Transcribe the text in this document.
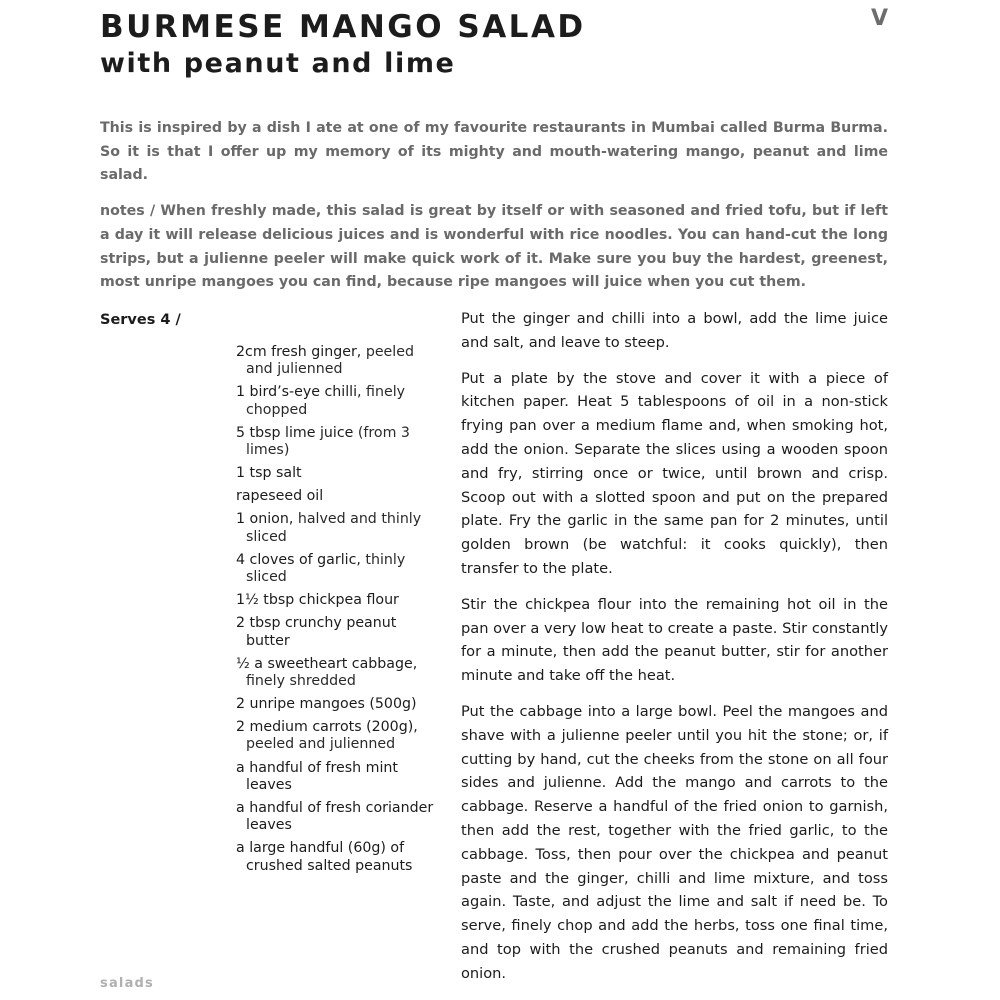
BURMESE MANGO SALAD
with peanut and lime
V

This is inspired by a dish I ate at one of my favourite restaurants in Mumbai called Burma Burma. So it is that I offer up my memory of its mighty and mouth-watering mango, peanut and lime salad.

notes / When freshly made, this salad is great by itself or with seasoned and fried tofu, but if left a day it will release delicious juices and is wonderful with rice noodles. You can hand-cut the long strips, but a julienne peeler will make quick work of it. Make sure you buy the hardest, greenest, most unripe mangoes you can find, because ripe mangoes will juice when you cut them.

Serves 4 /
2cm fresh ginger, peeled and julienned
1 bird’s-eye chilli, finely chopped
5 tbsp lime juice (from 3 limes)
1 tsp salt
rapeseed oil
1 onion, halved and thinly sliced
4 cloves of garlic, thinly sliced
1½ tbsp chickpea flour
2 tbsp crunchy peanut butter
½ a sweetheart cabbage, finely shredded
2 unripe mangoes (500g)
2 medium carrots (200g), peeled and julienned
a handful of fresh mint leaves
a handful of fresh coriander leaves
a large handful (60g) of crushed salted peanuts

Put the ginger and chilli into a bowl, add the lime juice and salt, and leave to steep.

Put a plate by the stove and cover it with a piece of kitchen paper. Heat 5 tablespoons of oil in a non-stick frying pan over a medium flame and, when smoking hot, add the onion. Separate the slices using a wooden spoon and fry, stirring once or twice, until brown and crisp. Scoop out with a slotted spoon and put on the prepared plate. Fry the garlic in the same pan for 2 minutes, until golden brown (be watchful: it cooks quickly), then transfer to the plate.

Stir the chickpea flour into the remaining hot oil in the pan over a very low heat to create a paste. Stir constantly for a minute, then add the peanut butter, stir for another minute and take off the heat.

Put the cabbage into a large bowl. Peel the mangoes and shave with a julienne peeler until you hit the stone; or, if cutting by hand, cut the cheeks from the stone on all four sides and julienne. Add the mango and carrots to the cabbage. Reserve a handful of the fried onion to garnish, then add the rest, together with the fried garlic, to the cabbage. Toss, then pour over the chickpea and peanut paste and the ginger, chilli and lime mixture, and toss again. Taste, and adjust the lime and salt if need be. To serve, finely chop and add the herbs, toss one final time, and top with the crushed peanuts and remaining fried onion.

salads
